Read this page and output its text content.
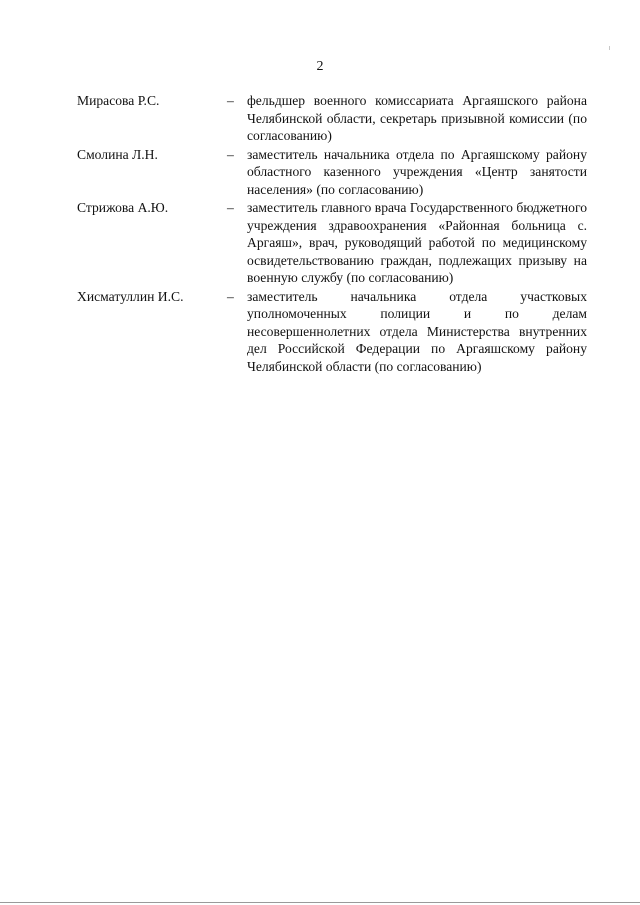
2
Мирасова Р.С.	– фельдшер военного комиссариата Аргаяшского района Челябинской области, секретарь призывной комиссии (по согласованию)
Смолина Л.Н.	– заместитель начальника отдела по Аргаяшскому району областного казенного учреждения «Центр занятости населения» (по согласованию)
Стрижова А.Ю.	– заместитель главного врача Государственного бюджетного учреждения здравоохранения «Районная больница с. Аргаяш», врач, руководящий работой по медицинскому освидетельствованию граждан, подлежащих призыву на военную службу (по согласованию)
Хисматуллин И.С.	– заместитель начальника отдела участковых уполномоченных полиции и по делам несовершеннолетних отдела Министерства внутренних дел Российской Федерации по Аргаяшскому району Челябинской области (по согласованию)
